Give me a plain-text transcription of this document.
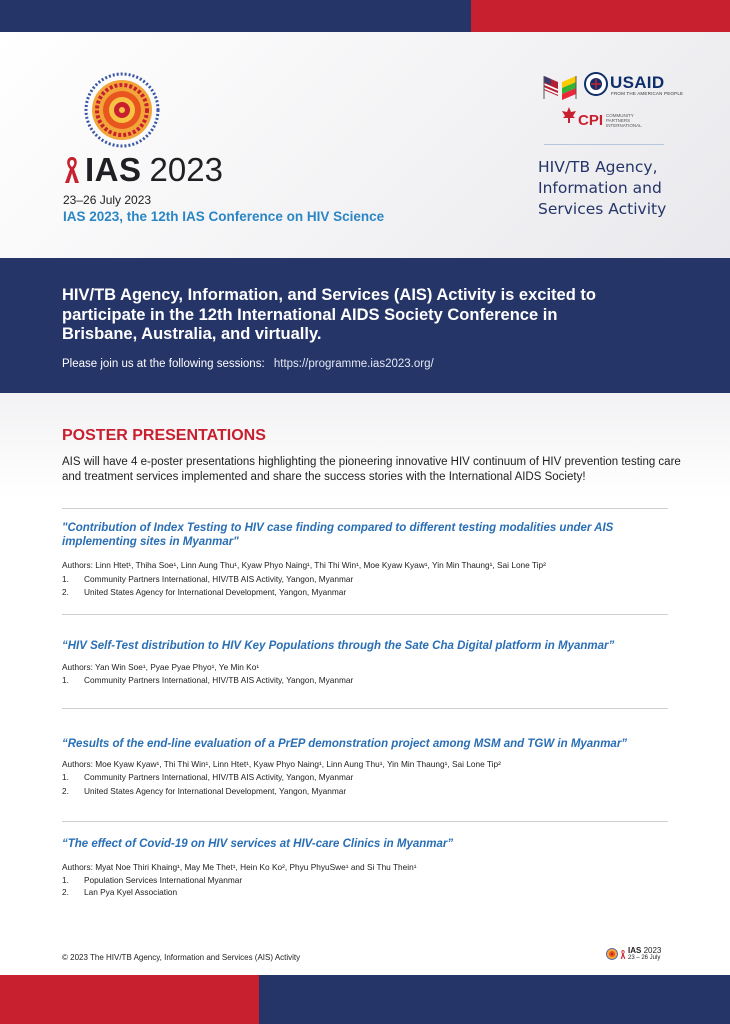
IAS 2023
23–26 July 2023
IAS 2023, the 12th IAS Conference on HIV Science
USAID
FROM THE AMERICAN PEOPLE
CPI COMMUNITY PARTNERS INTERNATIONAL
HIV/TB Agency, Information and Services Activity
HIV/TB Agency, Information, and Services (AIS) Activity is excited to participate in the 12th International AIDS Society Conference in Brisbane, Australia, and virtually.
Please join us at the following sessions: https://programme.ias2023.org/
POSTER PRESENTATIONS
AIS will have 4 e-poster presentations highlighting the pioneering innovative HIV continuum of HIV prevention testing care and treatment services implemented and share the success stories with the International AIDS Society!
"Contribution of Index Testing to HIV case finding compared to different testing modalities under AIS implementing sites in Myanmar"
Authors: Linn Htet¹, Thiha Soe¹, Linn Aung Thu¹, Kyaw Phyo Naing¹, Thi Thi Win¹, Moe Kyaw Kyaw¹, Yin Min Thaung¹, Sai Lone Tip²
1.	Community Partners International, HIV/TB AIS Activity, Yangon, Myanmar
2.	United States Agency for International Development, Yangon, Myanmar
“HIV Self-Test distribution to HIV Key Populations through the Sate Cha Digital platform in Myanmar”
Authors: Yan Win Soe¹, Pyae Pyae Phyo¹, Ye Min Ko¹
1.	Community Partners International, HIV/TB AIS Activity, Yangon, Myanmar
“Results of the end-line evaluation of a PrEP demonstration project among MSM and TGW in Myanmar”
Authors: Moe Kyaw Kyaw¹, Thi Thi Win¹, Linn Htet¹, Kyaw Phyo Naing¹, Linn Aung Thu¹, Yin Min Thaung¹, Sai Lone Tip²
1.	Community Partners International, HIV/TB AIS Activity, Yangon, Myanmar
2.	United States Agency for International Development, Yangon, Myanmar
“The effect of Covid-19 on HIV services at HIV-care Clinics in Myanmar”
Authors: Myat Noe Thiri Khaing¹, May Me Thet¹, Hein Ko Ko², Phyu PhyuSwe¹ and Si Thu Thein¹
1.	Population Services International Myanmar
2.	Lan Pya Kyel Association
© 2023 The HIV/TB Agency, Information and Services (AIS) Activity
IAS 2023
23 – 26 July
